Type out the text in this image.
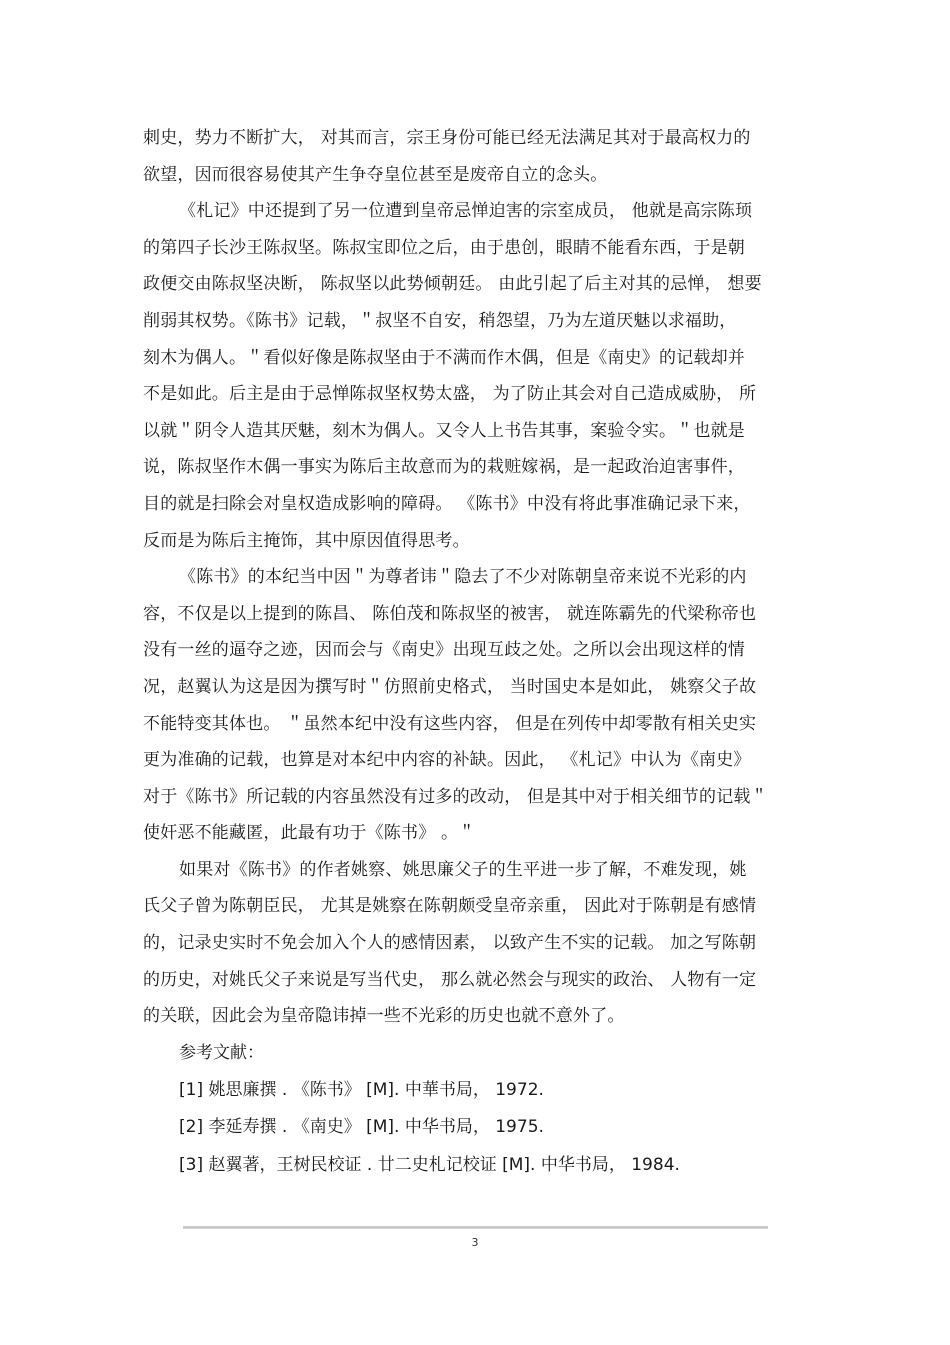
刺史，势力不断扩大， 对其而言，宗王身份可能已经无法满足其对于最高权力的
欲望，因而很容易使其产生争夺皇位甚至是废帝自立的念头。
《札记》中还提到了另一位遭到皇帝忌惮迫害的宗室成员， 他就是高宗陈顼
的第四子长沙王陈叔坚。陈叔宝即位之后，由于患创，眼睛不能看东西，于是朝
政便交由陈叔坚决断， 陈叔坚以此势倾朝廷。 由此引起了后主对其的忌惮， 想要
削弱其权势。《陈书》记载，＂叔坚不自安，稍怨望，乃为左道厌魅以求福助，
刻木为偶人。＂看似好像是陈叔坚由于不满而作木偶，但是《南史》的记载却并
不是如此。后主是由于忌惮陈叔坚权势太盛， 为了防止其会对自己造成威胁， 所
以就＂阴令人造其厌魅，刻木为偶人。又令人上书告其事，案验令实。＂也就是
说，陈叔坚作木偶一事实为陈后主故意而为的栽赃嫁祸，是一起政治迫害事件，
目的就是扫除会对皇权造成影响的障碍。 《陈书》中没有将此事准确记录下来，
反而是为陈后主掩饰，其中原因值得思考。
《陈书》的本纪当中因＂为尊者讳＂隐去了不少对陈朝皇帝来说不光彩的内
容，不仅是以上提到的陈昌、 陈伯茂和陈叔坚的被害， 就连陈霸先的代梁称帝也
没有一丝的逼夺之迹，因而会与《南史》出现互歧之处。之所以会出现这样的情
况，赵翼认为这是因为撰写时＂仿照前史格式， 当时国史本是如此， 姚察父子故
不能特变其体也。 ＂虽然本纪中没有这些内容， 但是在列传中却零散有相关史实
更为准确的记载，也算是对本纪中内容的补缺。因此， 《札记》中认为《南史》
对于《陈书》所记载的内容虽然没有过多的改动， 但是其中对于相关细节的记载＂
使奸恶不能藏匿，此最有功于《陈书》 。＂
如果对《陈书》的作者姚察、姚思廉父子的生平进一步了解，不难发现，姚
氏父子曾为陈朝臣民， 尤其是姚察在陈朝颇受皇帝亲重， 因此对于陈朝是有感情
的，记录史实时不免会加入个人的感情因素， 以致产生不实的记载。 加之写陈朝
的历史，对姚氏父子来说是写当代史， 那么就必然会与现实的政治、 人物有一定
的关联，因此会为皇帝隐讳掉一些不光彩的历史也就不意外了。
参考文献：
[1] 姚思廉撰 . 《陈书》 [M]. 中華书局， 1972.
[2] 李延寿撰 . 《南史》 [M]. 中华书局， 1975.
[3] 赵翼著，王树民校证 . 廿二史札记校证 [M]. 中华书局， 1984.
3
